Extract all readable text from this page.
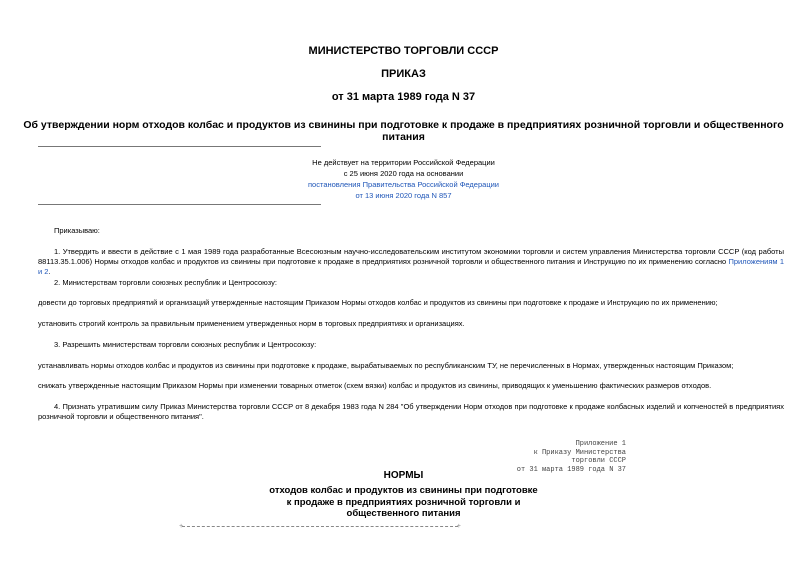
МИНИСТЕРСТВО ТОРГОВЛИ СССР
ПРИКАЗ
от 31 марта 1989 года N 37
Об утверждении норм отходов колбас и продуктов из свинины при подготовке к продаже в предприятиях розничной торговли и общественного питания
Не действует на территории Российской Федерации
с 25 июня 2020 года на основании
постановления Правительства Российской Федерации
от 13 июня 2020 года N 857
Приказываю:
1. Утвердить и ввести в действие с 1 мая 1989 года разработанные Всесоюзным научно-исследовательским институтом экономики торговли и систем управления Министерства торговли СССР (код работы 88113.35.1.006) Нормы отходов колбас и продуктов из свинины при подготовке к продаже в предприятиях розничной торговли и общественного питания и Инструкцию по их применению согласно Приложениям 1 и 2.
2. Министерствам торговли союзных республик и Центросоюзу:
довести до торговых предприятий и организаций утвержденные настоящим Приказом Нормы отходов колбас и продуктов из свинины при подготовке к продаже и Инструкцию по их применению;
установить строгий контроль за правильным применением утвержденных норм в торговых предприятиях и организациях.
3. Разрешить министерствам торговли союзных республик и Центросоюзу:
устанавливать нормы отходов колбас и продуктов из свинины при подготовке к продаже, вырабатываемых по республиканским ТУ, не перечисленных в Нормах, утвержденных настоящим Приказом;
снижать утвержденные настоящим Приказом Нормы при изменении товарных отметок (схем вязки) колбас и продуктов из свинины, приводящих к уменьшению фактических размеров отходов.
4. Признать утратившим силу Приказ Министерства торговли СССР от 8 декабря 1983 года N 284 "Об утверждении Норм отходов при подготовке к продаже колбасных изделий и копченостей в предприятиях розничной торговли и общественного питания".
Приложение 1
к Приказу Министерства
торговли СССР
от 31 марта 1989 года N 37
НОРМЫ
отходов колбас и продуктов из свинины при подготовке
к продаже в предприятиях розничной торговли и
общественного питания
+	+
